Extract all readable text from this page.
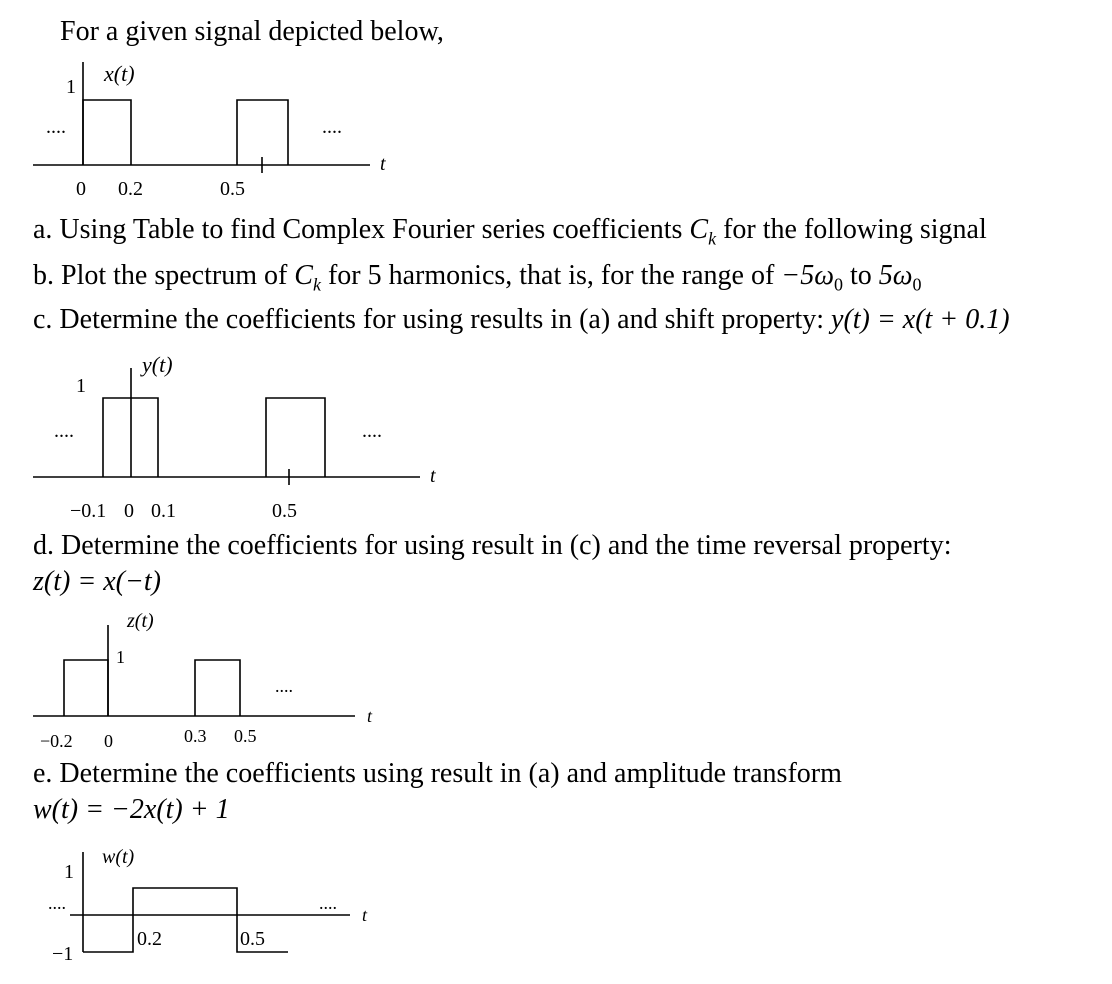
For a given signal depicted below,
a. Using Table to find Complex Fourier series coefficients $C_k$ for the following signal
b. Plot the spectrum of $C_k$ for 5 harmonics, that is, for the range of $-5\omega_0$ to $5\omega_0$
c. Determine the coefficients for using results in (a) and shift property: y(t) = x(t + 0.1)
d. Determine the coefficients for using result in (c) and the time reversal property:
z(t) = x(−t)
e. Determine the coefficients using result in (a) and amplitude transform
w(t) = −2x(t) + 1
1
x(t)
....	....
t
0 0.2	0.5
1
y(t)
....	....
t
−0.1 0 0.1	0.5
1
z(t)
....
t
−0.2 0	0.3 0.5
1
−1
w(t)
....	....
t
0.2	0.5
